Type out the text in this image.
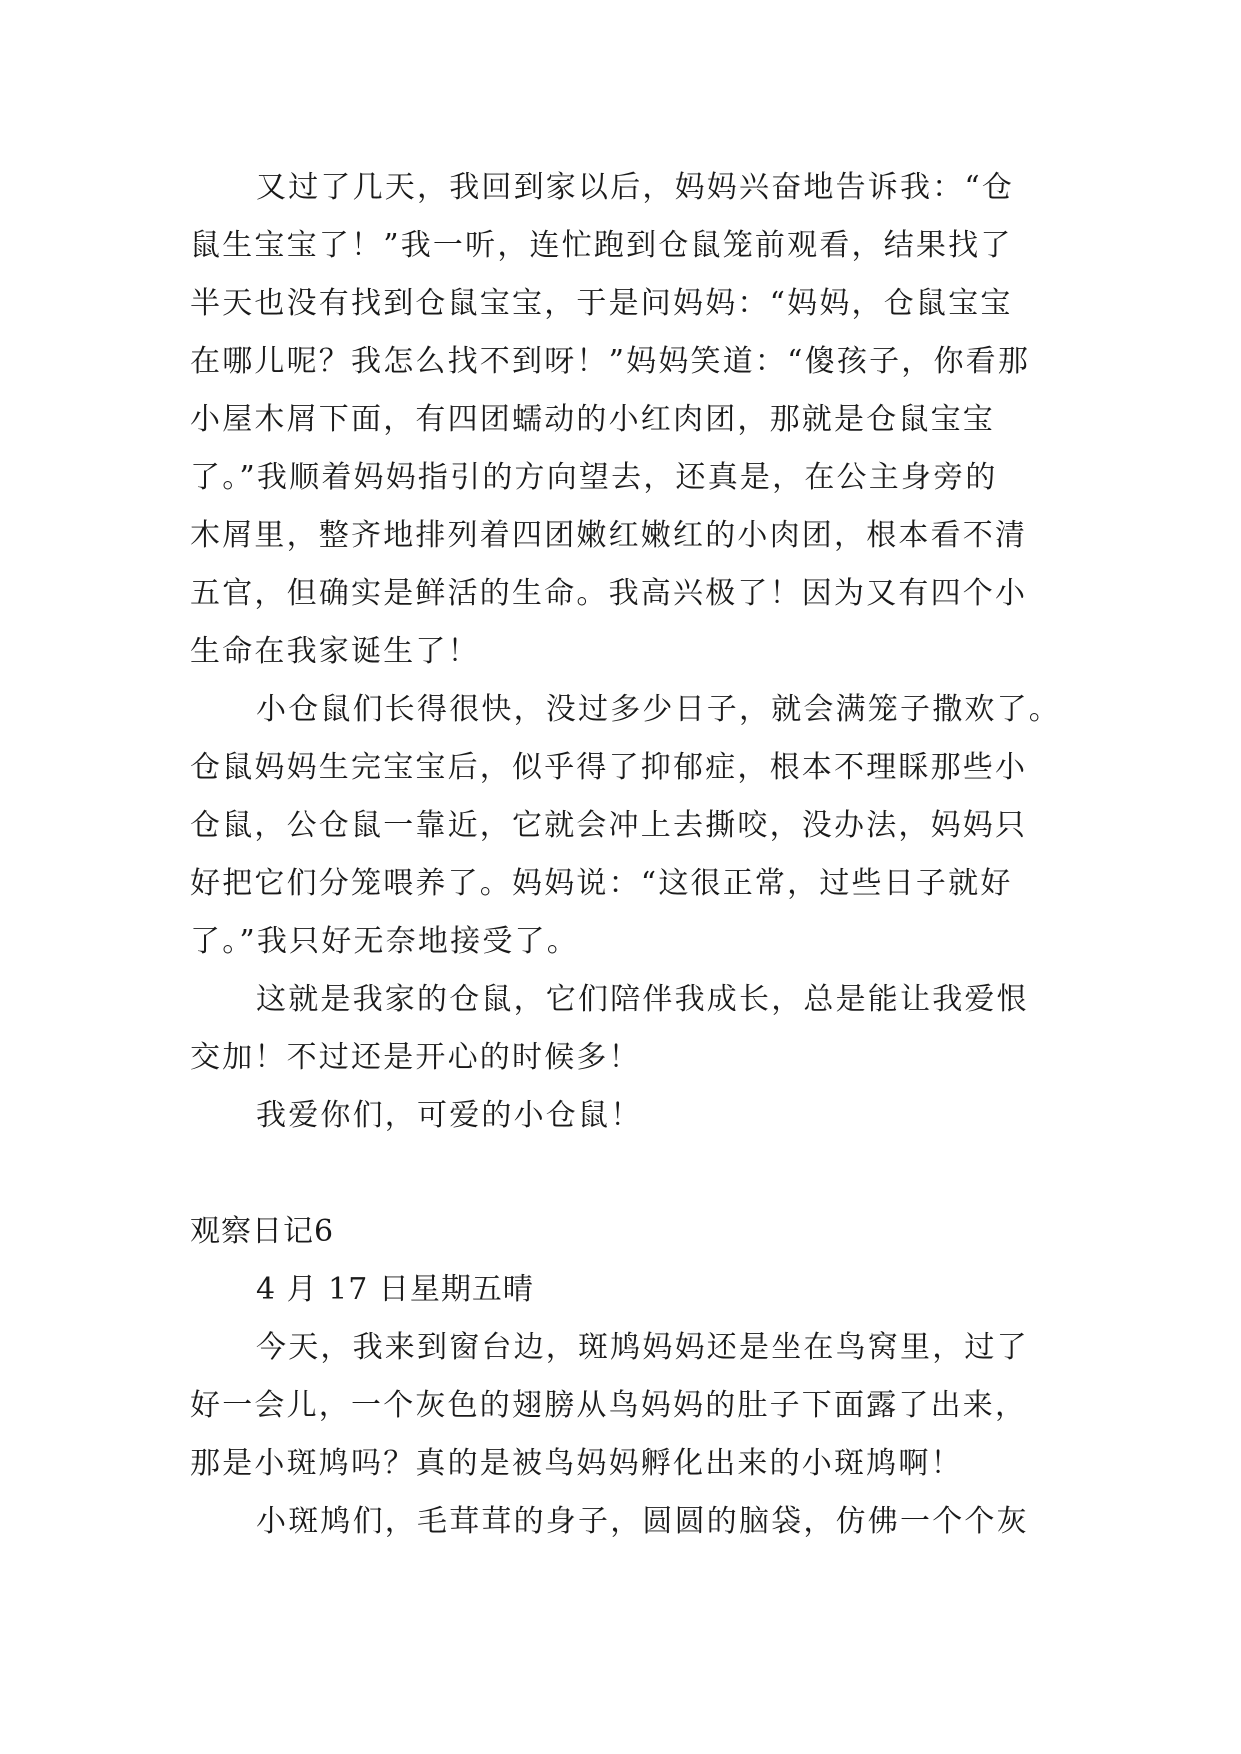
又过了几天，我回到家以后，妈妈兴奋地告诉我：“仓

鼠生宝宝了！”我一听，连忙跑到仓鼠笼前观看，结果找了

半天也没有找到仓鼠宝宝，于是问妈妈：“妈妈，仓鼠宝宝

在哪儿呢？我怎么找不到呀！”妈妈笑道：“傻孩子，你看那

小屋木屑下面，有四团蠕动的小红肉团，那就是仓鼠宝宝

了。”我顺着妈妈指引的方向望去，还真是，在公主身旁的

木屑里，整齐地排列着四团嫩红嫩红的小肉团，根本看不清

五官，但确实是鲜活的生命。我高兴极了！因为又有四个小

生命在我家诞生了！

小仓鼠们长得很快，没过多少日子，就会满笼子撒欢了。

仓鼠妈妈生完宝宝后，似乎得了抑郁症，根本不理睬那些小

仓鼠，公仓鼠一靠近，它就会冲上去撕咬，没办法，妈妈只

好把它们分笼喂养了。妈妈说：“这很正常，过些日子就好

了。”我只好无奈地接受了。

这就是我家的仓鼠，它们陪伴我成长，总是能让我爱恨

交加！不过还是开心的时候多！

我爱你们，可爱的小仓鼠！

观察日记6

4 月 17 日星期五晴

今天，我来到窗台边，斑鸠妈妈还是坐在鸟窝里，过了

好一会儿，一个灰色的翅膀从鸟妈妈的肚子下面露了出来，

那是小斑鸠吗？真的是被鸟妈妈孵化出来的小斑鸠啊！

小斑鸠们，毛茸茸的身子，圆圆的脑袋，仿佛一个个灰
